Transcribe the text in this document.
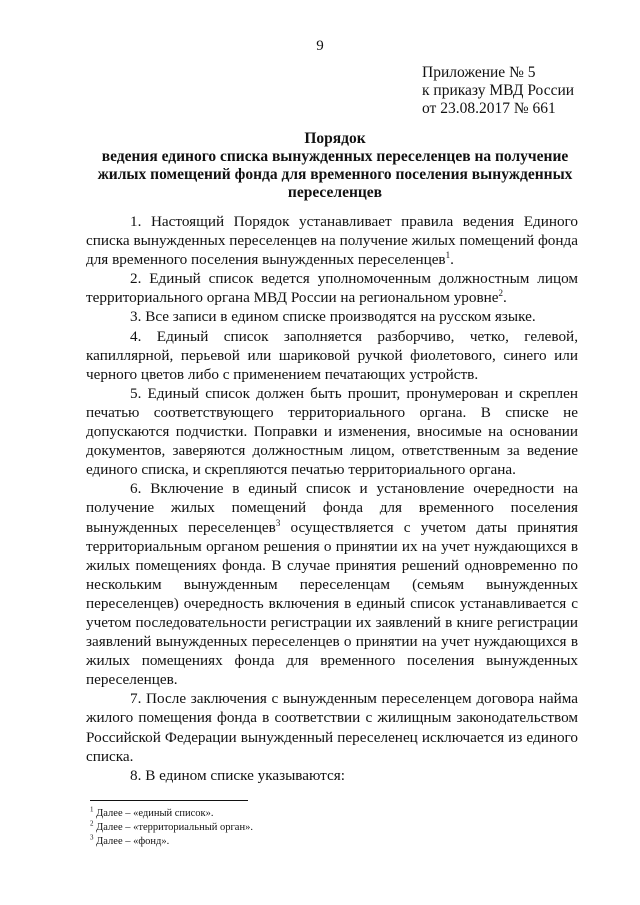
9
Приложение № 5
к приказу МВД России
от 23.08.2017 № 661
Порядок
ведения единого списка вынужденных переселенцев на получение жилых помещений фонда для временного поселения вынужденных переселенцев

1. Настоящий Порядок устанавливает правила ведения Единого списка вынужденных переселенцев на получение жилых помещений фонда для временного поселения вынужденных переселенцев$^1$.

2. Единый список ведется уполномоченным должностным лицом территориального органа МВД России на региональном уровне$^2$.

3. Все записи в едином списке производятся на русском языке.

4. Единый список заполняется разборчиво, четко, гелевой, капиллярной, перьевой или шариковой ручкой фиолетового, синего или черного цветов либо с применением печатающих устройств.

5. Единый список должен быть прошит, пронумерован и скреплен печатью соответствующего территориального органа. В списке не допускаются подчистки. Поправки и изменения, вносимые на основании документов, заверяются должностным лицом, ответственным за ведение единого списка, и скрепляются печатью территориального органа.

6. Включение в единый список и установление очередности на получение жилых помещений фонда для временного поселения вынужденных переселенцев$^3$ осуществляется с учетом даты принятия территориальным органом решения о принятии их на учет нуждающихся в жилых помещениях фонда. В случае принятия решений одновременно по нескольким вынужденным переселенцам (семьям вынужденных переселенцев) очередность включения в единый список устанавливается с учетом последовательности регистрации их заявлений в книге регистрации заявлений вынужденных переселенцев о принятии на учет нуждающихся в жилых помещениях фонда для временного поселения вынужденных переселенцев.

7. После заключения с вынужденным переселенцем договора найма жилого помещения фонда в соответствии с жилищным законодательством Российской Федерации вынужденный переселенец исключается из единого списка.

8. В едином списке указываются:

$^1$ Далее – «единый список».
$^2$ Далее – «территориальный орган».
$^3$ Далее – «фонд».
